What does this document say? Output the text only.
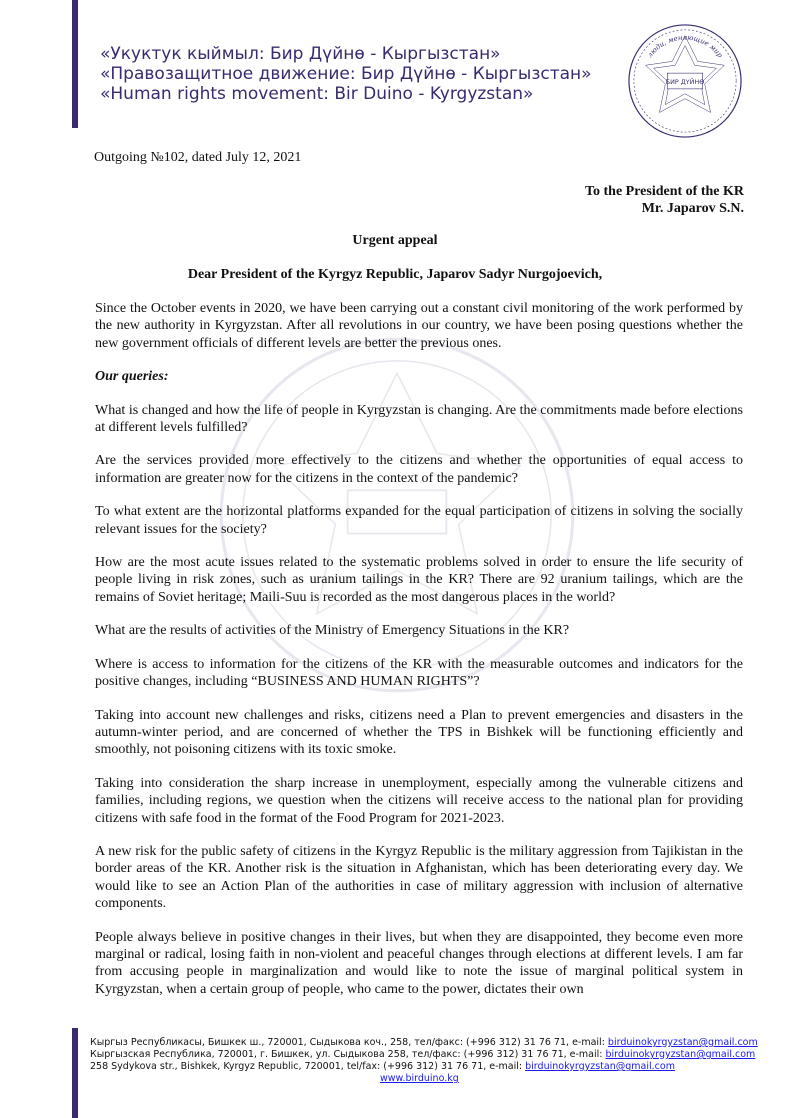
«Укуктук кыймыл: Бир Дүйнө - Кыргызстан»
«Правозащитное движение: Бир Дүйнө - Кыргызстан»
«Human rights movement: Bir Duino - Kyrgyzstan»
люди, меняющие мир
БИР ДҮЙНӨ
Outgoing №102, dated July 12, 2021
To the President of the KR
Mr. Japarov S.N.
Urgent appeal
Dear President of the Kyrgyz Republic, Japarov Sadyr Nurgojoevich,

Since the October events in 2020, we have been carrying out a constant civil monitoring of the work performed by the new authority in Kyrgyzstan. After all revolutions in our country, we have been posing questions whether the new government officials of different levels are better the previous ones.

Our queries:

What is changed and how the life of people in Kyrgyzstan is changing. Are the commitments made before elections at different levels fulfilled?

Are the services provided more effectively to the citizens and whether the opportunities of equal access to information are greater now for the citizens in the context of the pandemic?

To what extent are the horizontal platforms expanded for the equal participation of citizens in solving the socially relevant issues for the society?

How are the most acute issues related to the systematic problems solved in order to ensure the life security of people living in risk zones, such as uranium tailings in the KR? There are 92 uranium tailings, which are the remains of Soviet heritage; Maili-Suu is recorded as the most dangerous places in the world?

What are the results of activities of the Ministry of Emergency Situations in the KR?

Where is access to information for the citizens of the KR with the measurable outcomes and indicators for the positive changes, including “BUSINESS AND HUMAN RIGHTS”?

Taking into account new challenges and risks, citizens need a Plan to prevent emergencies and disasters in the autumn-winter period, and are concerned of whether the TPS in Bishkek will be functioning efficiently and smoothly, not poisoning citizens with its toxic smoke.

Taking into consideration the sharp increase in unemployment, especially among the vulnerable citizens and families, including regions, we question when the citizens will receive access to the national plan for providing citizens with safe food in the format of the Food Program for 2021-2023.

A new risk for the public safety of citizens in the Kyrgyz Republic is the military aggression from Tajikistan in the border areas of the KR. Another risk is the situation in Afghanistan, which has been deteriorating every day. We would like to see an Action Plan of the authorities in case of military aggression with inclusion of alternative components.

People always believe in positive changes in their lives, but when they are disappointed, they become even more marginal or radical, losing faith in non-violent and peaceful changes through elections at different levels. I am far from accusing people in marginalization and would like to note the issue of marginal political system in Kyrgyzstan, when a certain group of people, who came to the power, dictates their own

Кыргыз Республикасы, Бишкек ш., 720001, Сыдыкова коч., 258, тел/факс: (+996 312) 31 76 71, e-mail: birduinokyrgyzstan@gmail.com
Кыргызская Республика, 720001, г. Бишкек, ул. Сыдыкова 258, тел/факс: (+996 312) 31 76 71, e-mail: birduinokyrgyzstan@gmail.com
258 Sydykova str., Bishkek, Kyrgyz Republic, 720001, tel/fax: (+996 312) 31 76 71, e-mail: birduinokyrgyzstan@gmail.com
www.birduino.kg
